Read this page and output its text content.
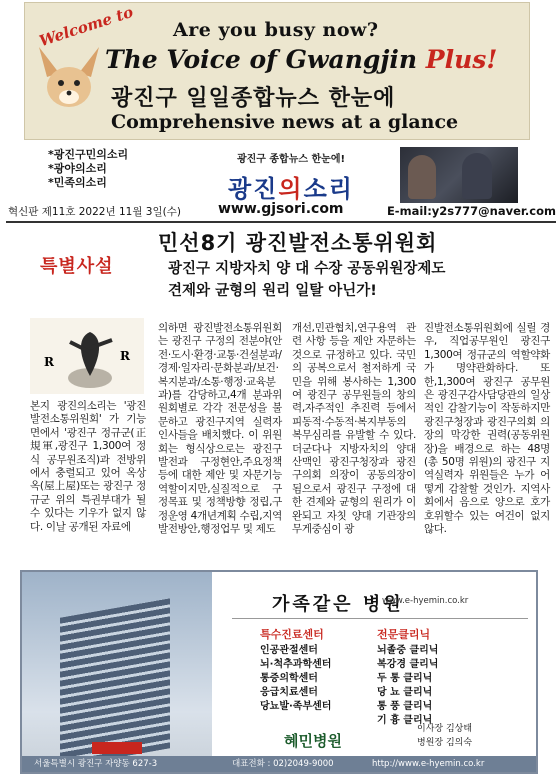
Welcome to Are you busy now?
The Voice of Gwangjin Plus!
광진구 일일종합뉴스 한눈에
Comprehensive news at a glance
*광진구민의소리
*광야의소리
*민족의소리
광진구 종합뉴스 한눈에!
광진의소리
혁신판 제11호 2022년 11월 3일(수)	www.gjsori.com	E-mail:y2s777@naver.com
특별사설
민선8기 광진발전소통위원회
광진구 지방자치 양 대 수장 공동위원장제도
견제와 균형의 원리 일탈 아닌가!
R	R

본지 광진의소리는 '광진발전소통위원회' 가 기능면에서 '광진구 정규군(正規軍,광진구 1,300여 정식 공무원조직)과 전방위에서 충렬되고 있어 옥상옥(屋上屋)또는 광진구 정규군 위의 특권부대가 될 수 있다는 기우가 없지 않다. 이날 공개된 자료에

의하면 광진발전소통위원회는 광진구 구정의 전분야(안전·도시·환경·교통·건설분과/경제·일자리·문화분과/보건·복지분과/소통·행정·교육분과)를 감당하고,4개 분과위원회별로 각각 전문성을 불문하고 광진구지역 실력자 인사들을 배치했다. 이 위원회는 형식상으로는 광진구발전과 구정현안,주요정책 등에 대한 제안 및 자문기능 역할이지만,실질적으로 구정목표 및 정책방향 정립,구정운영 4개년계획 수립,지역발전방안,행정업무 및 제도

개선,민관협치,연구용역 관련 사항 등을 제안 자문하는 것으로 규정하고 있다. 국민의 공복으로서 철저하게 국민을 위해 봉사하는 1,300여 광진구 공무원들의 창의력,자주적인 추진력 등에서 피동적·수동적·복지부동의 복무심리를 유발할 수 있다. 더군다나 지방자치의 양대 산맥인 광진구청장과 광진구의회 의장이 공동의장이 됨으로서 광진구 구정에 대한 견제와 균형의 원리가 이완되고 자칫 양대 기관장의 무게중심이 광

진발전소통위원회에 실릴 경우, 직업공무원인 광진구 1,300여 정규군의 역할약화가 명약관화하다. 또한,1,300여 광진구 공무원은 광진구감사담당관의 일상적인 감찰기능이 작동하지만 광진구청장과 광진구의회 의장의 막강한 권력(공동위원장)을 배경으로 하는 48명(총 50명 위원)의 광진구 지역실력자 위원들은 누가 어떻게 감찰할 것인가. 지역사회에서 음으로 양으로 호가호위할수 있는 여건이 없지 않다.

가족같은 병원
www.e-hyemin.co.kr
특수진료센터
인공관절센터
뇌·척추과학센터
통증의학센터
응급치료센터
당뇨발·족부센터
전문클리닉
뇌졸중 클리닉
복강경 클리닉
두 통 클리닉
당 뇨 클리닉
통 풍 클리닉
기 흉 클리닉
혜민병원
이사장 김상태
병원장 김의숙
서울특별시 광진구 자양동 627-3	대표전화 : 02)2049-9000	http://www.e-hyemin.co.kr
